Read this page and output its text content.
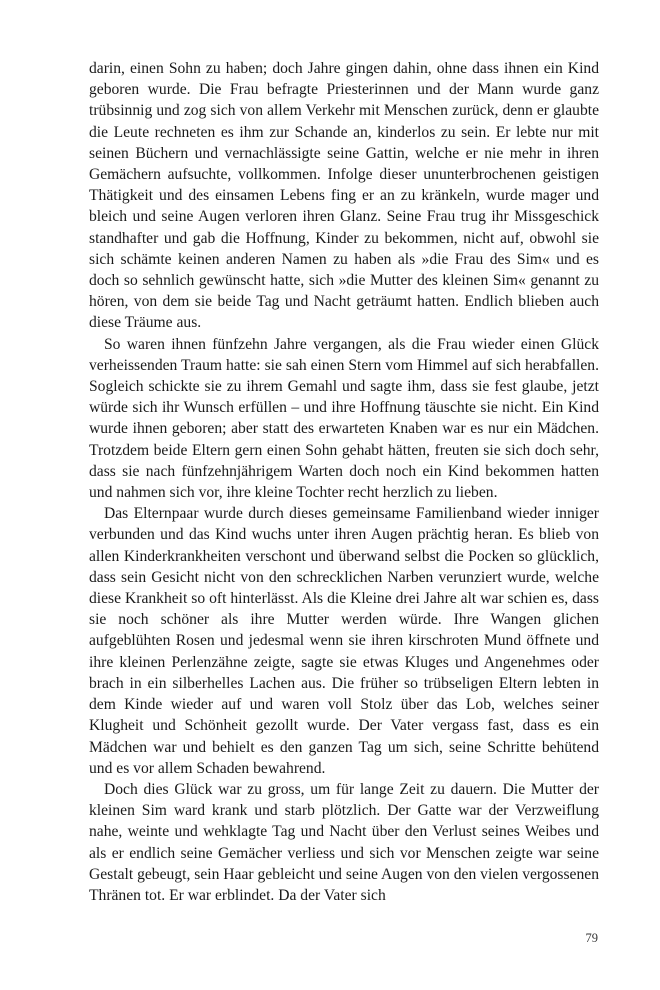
darin, einen Sohn zu haben; doch Jahre gingen dahin, ohne dass ihnen ein Kind geboren wurde. Die Frau befragte Priesterinnen und der Mann wurde ganz trübsinnig und zog sich von allem Verkehr mit Menschen zurück, denn er glaubte die Leute rechneten es ihm zur Schande an, kinderlos zu sein. Er lebte nur mit seinen Büchern und vernachlässigte seine Gattin, welche er nie mehr in ihren Gemächern aufsuchte, vollkommen. Infolge dieser ununterbrochenen geistigen Thätigkeit und des einsamen Lebens fing er an zu kränkeln, wurde mager und bleich und seine Augen verloren ihren Glanz. Seine Frau trug ihr Missgeschick standhafter und gab die Hoffnung, Kinder zu bekommen, nicht auf, obwohl sie sich schämte keinen anderen Namen zu haben als »die Frau des Sim« und es doch so sehnlich gewünscht hatte, sich »die Mutter des kleinen Sim« genannt zu hören, von dem sie beide Tag und Nacht geträumt hatten. Endlich blieben auch diese Träume aus.

So waren ihnen fünfzehn Jahre vergangen, als die Frau wieder einen Glück verheissenden Traum hatte: sie sah einen Stern vom Himmel auf sich herabfallen. Sogleich schickte sie zu ihrem Gemahl und sagte ihm, dass sie fest glaube, jetzt würde sich ihr Wunsch erfüllen – und ihre Hoffnung täuschte sie nicht. Ein Kind wurde ihnen geboren; aber statt des erwarteten Knaben war es nur ein Mädchen. Trotzdem beide Eltern gern einen Sohn gehabt hätten, freuten sie sich doch sehr, dass sie nach fünfzehnjährigem Warten doch noch ein Kind bekommen hatten und nahmen sich vor, ihre kleine Tochter recht herzlich zu lieben.

Das Elternpaar wurde durch dieses gemeinsame Familienband wieder inniger verbunden und das Kind wuchs unter ihren Augen prächtig heran. Es blieb von allen Kinderkrankheiten verschont und überwand selbst die Pocken so glücklich, dass sein Gesicht nicht von den schrecklichen Narben verunziert wurde, welche diese Krankheit so oft hinterlässt. Als die Kleine drei Jahre alt war schien es, dass sie noch schöner als ihre Mutter werden würde. Ihre Wangen glichen aufgeblühten Rosen und jedesmal wenn sie ihren kirschroten Mund öffnete und ihre kleinen Perlenzähne zeigte, sagte sie etwas Kluges und Angenehmes oder brach in ein silberhelles Lachen aus. Die früher so trübseligen Eltern lebten in dem Kinde wieder auf und waren voll Stolz über das Lob, welches seiner Klugheit und Schönheit gezollt wurde. Der Vater vergass fast, dass es ein Mädchen war und behielt es den ganzen Tag um sich, seine Schritte behütend und es vor allem Schaden bewahrend.

Doch dies Glück war zu gross, um für lange Zeit zu dauern. Die Mutter der kleinen Sim ward krank und starb plötzlich. Der Gatte war der Verzweiflung nahe, weinte und wehklagte Tag und Nacht über den Verlust seines Weibes und als er endlich seine Gemächer verliess und sich vor Menschen zeigte war seine Gestalt gebeugt, sein Haar gebleicht und seine Augen von den vielen vergossenen Thränen tot. Er war erblindet. Da der Vater sich

79
